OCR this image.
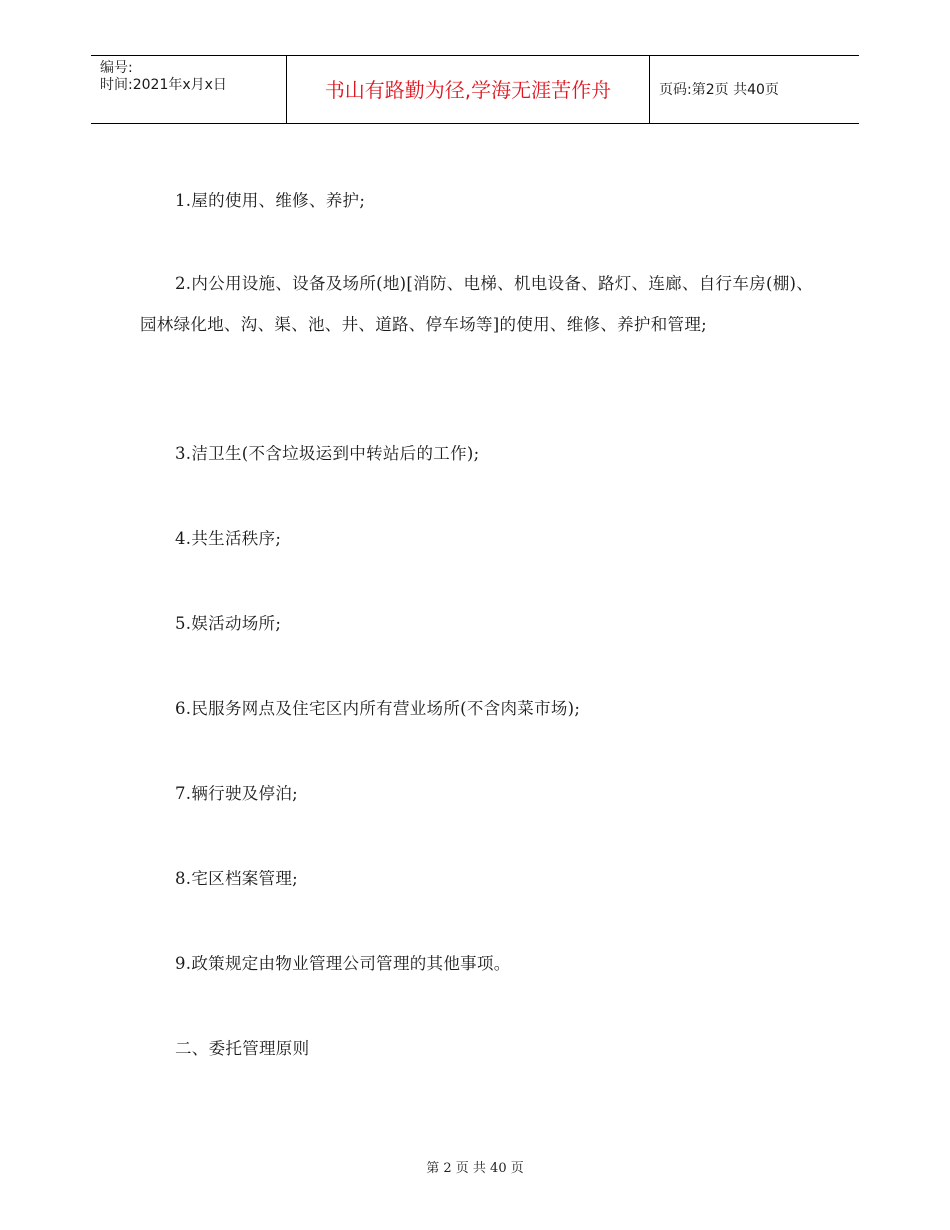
编号:
时间:2021年x月x日	书山有路勤为径,学海无涯苦作舟	页码:第2页 共40页
1.屋的使用、维修、养护;
2.内公用设施、设备及场所(地)[消防、电梯、机电设备、路灯、连廊、自行车房(棚)、园林绿化地、沟、渠、池、井、道路、停车场等]的使用、维修、养护和管理;
3.洁卫生(不含垃圾运到中转站后的工作);
4.共生活秩序;
5.娱活动场所;
6.民服务网点及住宅区内所有营业场所(不含肉菜市场);
7.辆行驶及停泊;
8.宅区档案管理;
9.政策规定由物业管理公司管理的其他事项。
二、委托管理原则
第 2 页 共 40 页
